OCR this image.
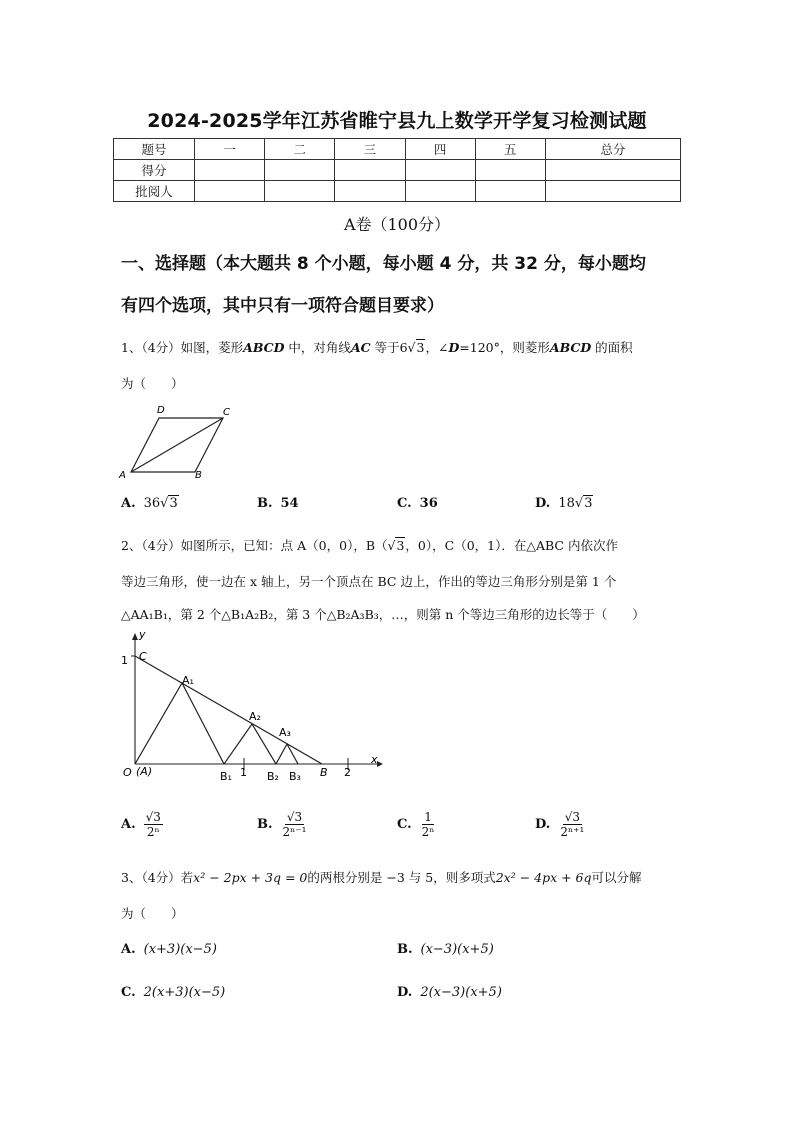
2024-2025学年江苏省睢宁县九上数学开学复习检测试题
题号	一	二	三	四	五	总分
得分						
批阅人						
A卷（100分）
一、选择题（本大题共 8 个小题，每小题 4 分，共 32 分，每小题均
有四个选项，其中只有一项符合题目要求）
1、（4分）如图，菱形ABCD 中，对角线AC 等于6√3，∠D=120°，则菱形ABCD 的面积
为（　　）
A	B
C
D
A. 36√3	B. 54	C. 36	D. 18√3
2、（4分）如图所示，已知：点 A（0，0），B（√3，0），C（0，1）．在△ABC 内依次作
等边三角形，使一边在 x 轴上，另一个顶点在 BC 边上，作出的等边三角形分别是第 1 个
△AA₁B₁，第 2 个△B₁A₂B₂，第 3 个△B₂A₃B₃，…，则第 n 个等边三角形的边长等于（　　）
y
x
1 C
O (A)
A₁
A₂
A₃
B₁ 1 B₂ B₃ B 2
A. $\frac{√3}{\text{2ⁿ}}$	B. $\frac{√3}{\text{2ⁿ⁻¹}}$	C. $\frac{1}{\text{2ⁿ}}$	D. $\frac{√3}{\text{2ⁿ⁺¹}}$
3、（4分）若x² − 2px + 3q = 0的两根分别是 −3 与 5，则多项式2x² − 4px + 6q可以分解
为（　　）
A. (x+3)(x−5)	B. (x−3)(x+5)
C. 2(x+3)(x−5)	D. 2(x−3)(x+5)
